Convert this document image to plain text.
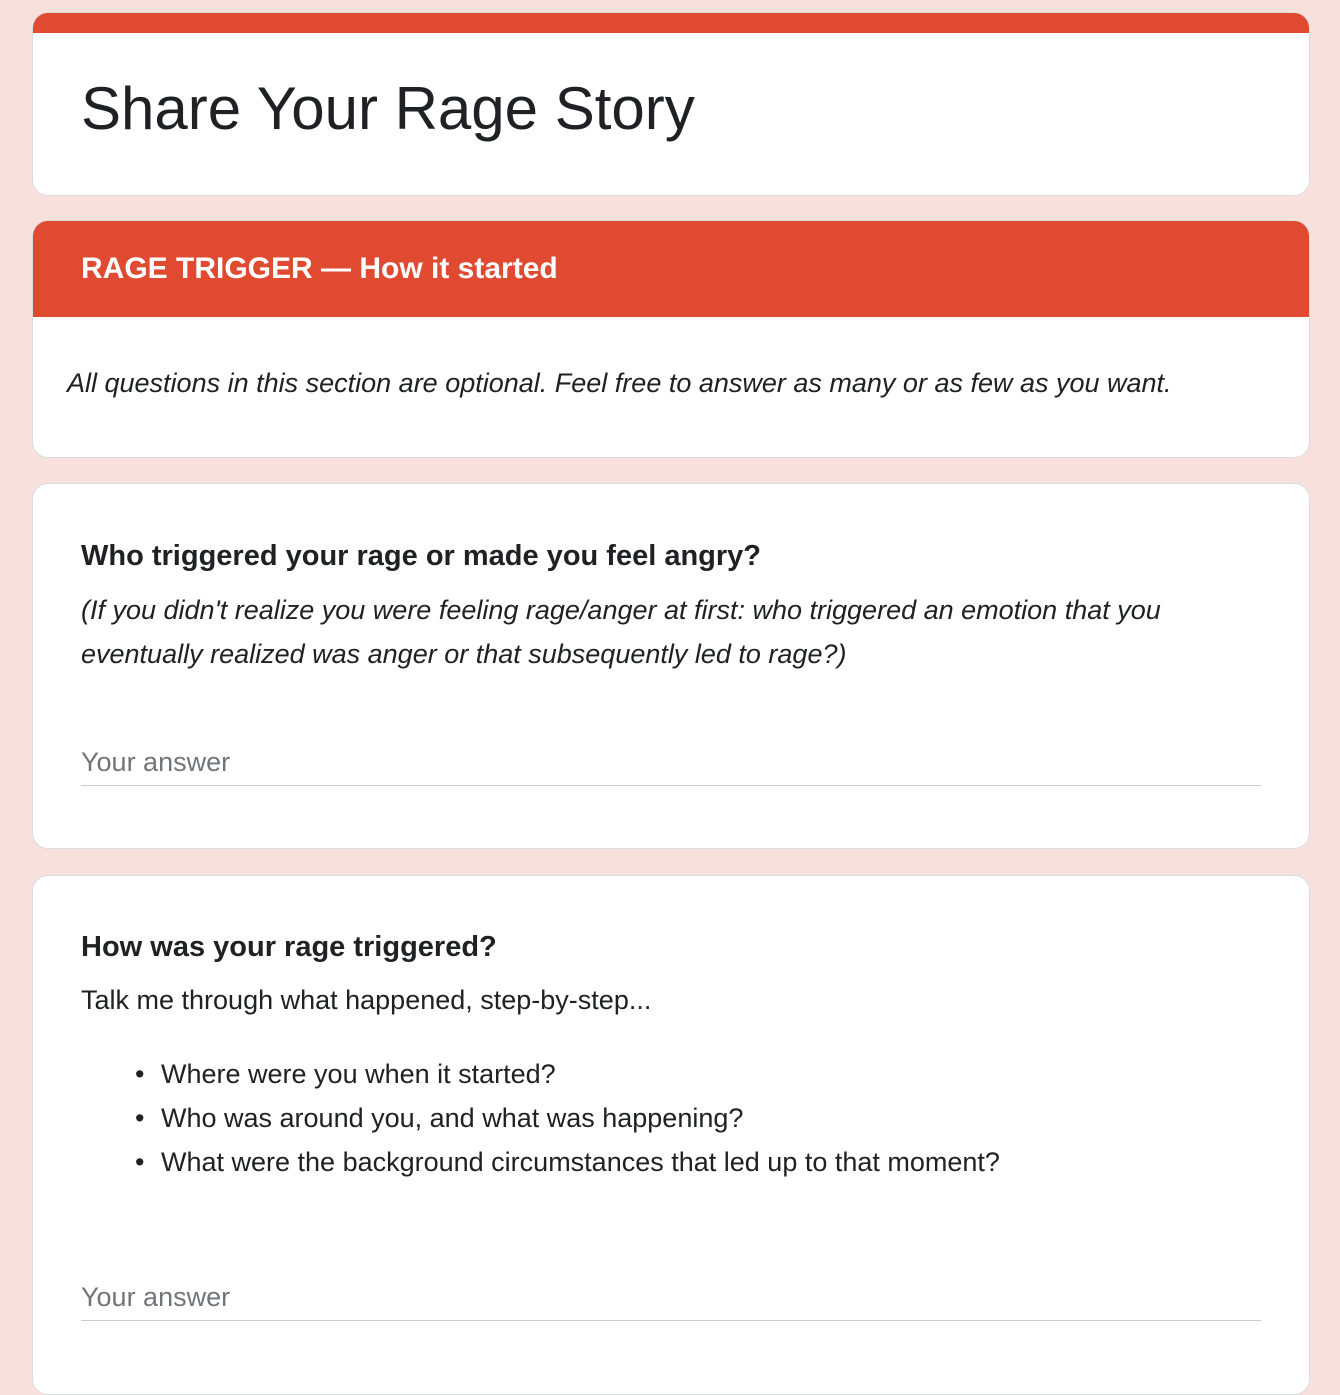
Share Your Rage Story
RAGE TRIGGER — How it started
All questions in this section are optional. Feel free to answer as many or as few as you want.
Who triggered your rage or made you feel angry?
(If you didn't realize you were feeling rage/anger at first: who triggered an emotion that you eventually realized was anger or that subsequently led to rage?)
Your answer
How was your rage triggered?
Talk me through what happened, step-by-step...
• Where were you when it started?
• Who was around you, and what was happening?
• What were the background circumstances that led up to that moment?
Your answer
